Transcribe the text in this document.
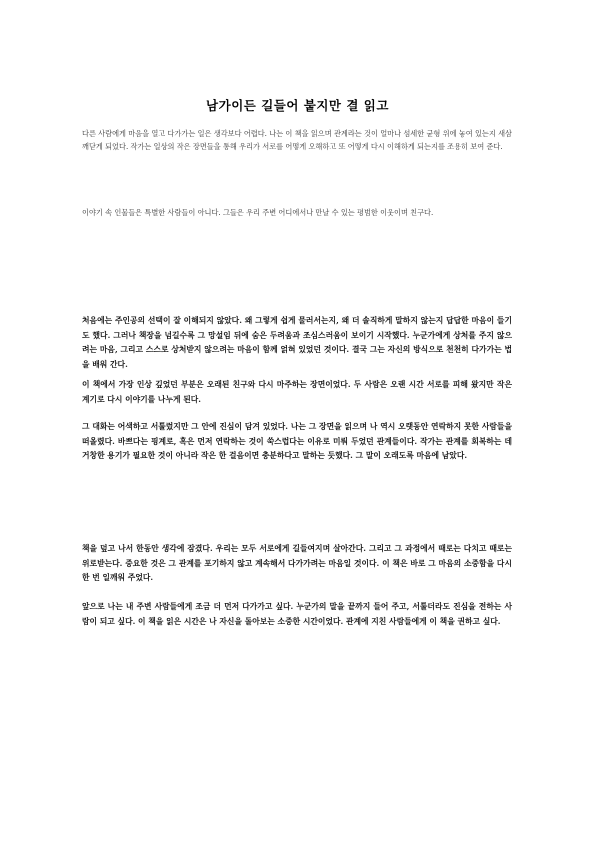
남가이든 길들어 붙지만 결 읽고

다른 사람에게 마음을 열고 다가가는 일은 생각보다 어렵다. 나는 이 책을 읽으며 관계라는 것이 얼마나 섬세한 균형 위에 놓여 있는지 새삼 깨닫게 되었다. 작가는 일상의 작은 장면들을 통해 우리가 서로를 어떻게 오해하고 또 어떻게 다시 이해하게 되는지를 조용히 보여 준다.

이야기 속 인물들은 특별한 사람들이 아니다. 그들은 우리 주변 어디에서나 만날 수 있는 평범한 이웃이며 친구다.

처음에는 주인공의 선택이 잘 이해되지 않았다. 왜 그렇게 쉽게 물러서는지, 왜 더 솔직하게 말하지 않는지 답답한 마음이 들기도 했다. 그러나 책장을 넘길수록 그 망설임 뒤에 숨은 두려움과 조심스러움이 보이기 시작했다. 누군가에게 상처를 주지 않으려는 마음, 그리고 스스로 상처받지 않으려는 마음이 함께 얽혀 있었던 것이다. 결국 그는 자신의 방식으로 천천히 다가가는 법을 배워 간다.

이 책에서 가장 인상 깊었던 부분은 오래된 친구와 다시 마주하는 장면이었다. 두 사람은 오랜 시간 서로를 피해 왔지만 작은 계기로 다시 이야기를 나누게 된다.

그 대화는 어색하고 서툴렀지만 그 안에 진심이 담겨 있었다. 나는 그 장면을 읽으며 나 역시 오랫동안 연락하지 못한 사람들을 떠올렸다. 바쁘다는 핑계로, 혹은 먼저 연락하는 것이 쑥스럽다는 이유로 미뤄 두었던 관계들이다. 작가는 관계를 회복하는 데 거창한 용기가 필요한 것이 아니라 작은 한 걸음이면 충분하다고 말하는 듯했다. 그 말이 오래도록 마음에 남았다.

책을 덮고 나서 한동안 생각에 잠겼다. 우리는 모두 서로에게 길들여지며 살아간다. 그리고 그 과정에서 때로는 다치고 때로는 위로받는다. 중요한 것은 그 관계를 포기하지 않고 계속해서 다가가려는 마음일 것이다. 이 책은 바로 그 마음의 소중함을 다시 한 번 일깨워 주었다.

앞으로 나는 내 주변 사람들에게 조금 더 먼저 다가가고 싶다. 누군가의 말을 끝까지 들어 주고, 서툴더라도 진심을 전하는 사람이 되고 싶다. 이 책을 읽은 시간은 나 자신을 돌아보는 소중한 시간이었다. 관계에 지친 사람들에게 이 책을 권하고 싶다.
